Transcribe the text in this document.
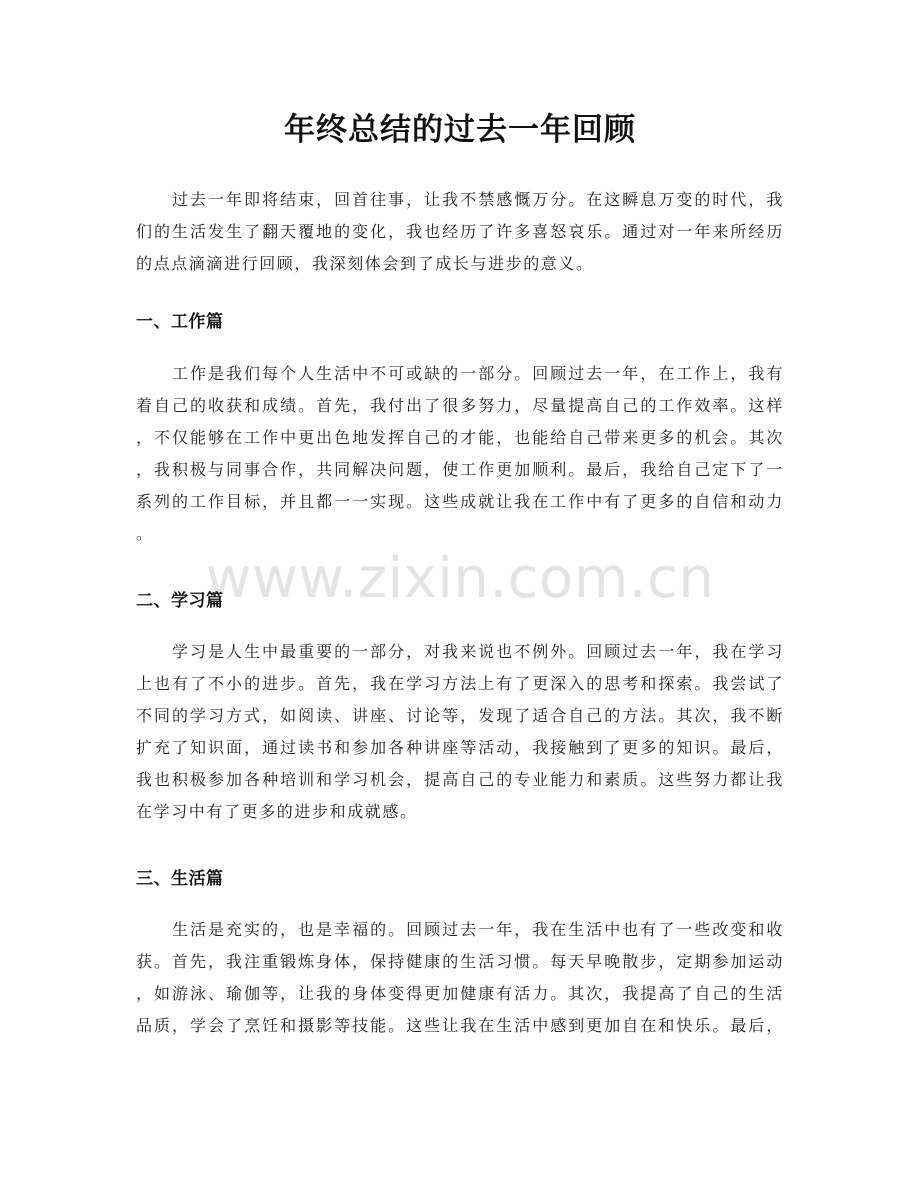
年终总结的过去一年回顾
www.zixin.com.cn

过去一年即将结束，回首往事，让我不禁感慨万分。在这瞬息万变的时代，我
们的生活发生了翻天覆地的变化，我也经历了许多喜怒哀乐。通过对一年来所经历
的点点滴滴进行回顾，我深刻体会到了成长与进步的意义。

一、工作篇

工作是我们每个人生活中不可或缺的一部分。回顾过去一年，在工作上，我有
着自己的收获和成绩。首先，我付出了很多努力，尽量提高自己的工作效率。这样
，不仅能够在工作中更出色地发挥自己的才能，也能给自己带来更多的机会。其次
，我积极与同事合作，共同解决问题，使工作更加顺利。最后，我给自己定下了一
系列的工作目标，并且都一一实现。这些成就让我在工作中有了更多的自信和动力
。

二、学习篇

学习是人生中最重要的一部分，对我来说也不例外。回顾过去一年，我在学习
上也有了不小的进步。首先，我在学习方法上有了更深入的思考和探索。我尝试了
不同的学习方式，如阅读、讲座、讨论等，发现了适合自己的方法。其次，我不断
扩充了知识面，通过读书和参加各种讲座等活动，我接触到了更多的知识。最后，
我也积极参加各种培训和学习机会，提高自己的专业能力和素质。这些努力都让我
在学习中有了更多的进步和成就感。

三、生活篇

生活是充实的，也是幸福的。回顾过去一年，我在生活中也有了一些改变和收
获。首先，我注重锻炼身体，保持健康的生活习惯。每天早晚散步，定期参加运动
，如游泳、瑜伽等，让我的身体变得更加健康有活力。其次，我提高了自己的生活
品质，学会了烹饪和摄影等技能。这些让我在生活中感到更加自在和快乐。最后，
